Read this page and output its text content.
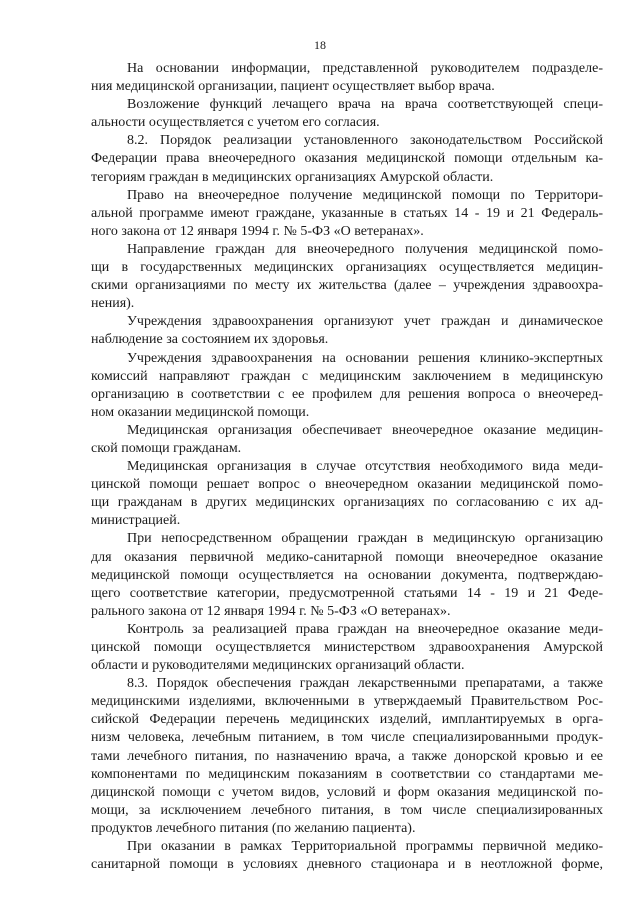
18
На основании информации, представленной руководителем подразделе-
ния медицинской организации, пациент осуществляет выбор врача.
Возложение функций лечащего врача на врача соответствующей специ-
альности осуществляется с учетом его согласия.
8.2. Порядок реализации установленного законодательством Российской
Федерации права внеочередного оказания медицинской помощи отдельным ка-
тегориям граждан в медицинских организациях Амурской области.
Право на внеочередное получение медицинской помощи по Территори-
альной программе имеют граждане, указанные в статьях 14 - 19 и 21 Федераль-
ного закона от 12 января 1994 г. № 5-ФЗ «О ветеранах».
Направление граждан для внеочередного получения медицинской помо-
щи в государственных медицинских организациях осуществляется медицин-
скими организациями по месту их жительства (далее – учреждения здравоохра-
нения).
Учреждения здравоохранения организуют учет граждан и динамическое
наблюдение за состоянием их здоровья.
Учреждения здравоохранения на основании решения клинико-экспертных
комиссий направляют граждан с медицинским заключением в медицинскую
организацию в соответствии с ее профилем для решения вопроса о внеочеред-
ном оказании медицинской помощи.
Медицинская организация обеспечивает внеочередное оказание медицин-
ской помощи гражданам.
Медицинская организация в случае отсутствия необходимого вида меди-
цинской помощи решает вопрос о внеочередном оказании медицинской помо-
щи гражданам в других медицинских организациях по согласованию с их ад-
министрацией.
При непосредственном обращении граждан в медицинскую организацию
для оказания первичной медико-санитарной помощи внеочередное оказание
медицинской помощи осуществляется на основании документа, подтверждаю-
щего соответствие категории, предусмотренной статьями 14 - 19 и 21 Феде-
рального закона от 12 января 1994 г. № 5-ФЗ «О ветеранах».
Контроль за реализацией права граждан на внеочередное оказание меди-
цинской помощи осуществляется министерством здравоохранения Амурской
области и руководителями медицинских организаций области.
8.3. Порядок обеспечения граждан лекарственными препаратами, а также
медицинскими изделиями, включенными в утверждаемый Правительством Рос-
сийской Федерации перечень медицинских изделий, имплантируемых в орга-
низм человека, лечебным питанием, в том числе специализированными продук-
тами лечебного питания, по назначению врача, а также донорской кровью и ее
компонентами по медицинским показаниям в соответствии со стандартами ме-
дицинской помощи с учетом видов, условий и форм оказания медицинской по-
мощи, за исключением лечебного питания, в том числе специализированных
продуктов лечебного питания (по желанию пациента).
При оказании в рамках Территориальной программы первичной медико-
санитарной помощи в условиях дневного стационара и в неотложной форме,
